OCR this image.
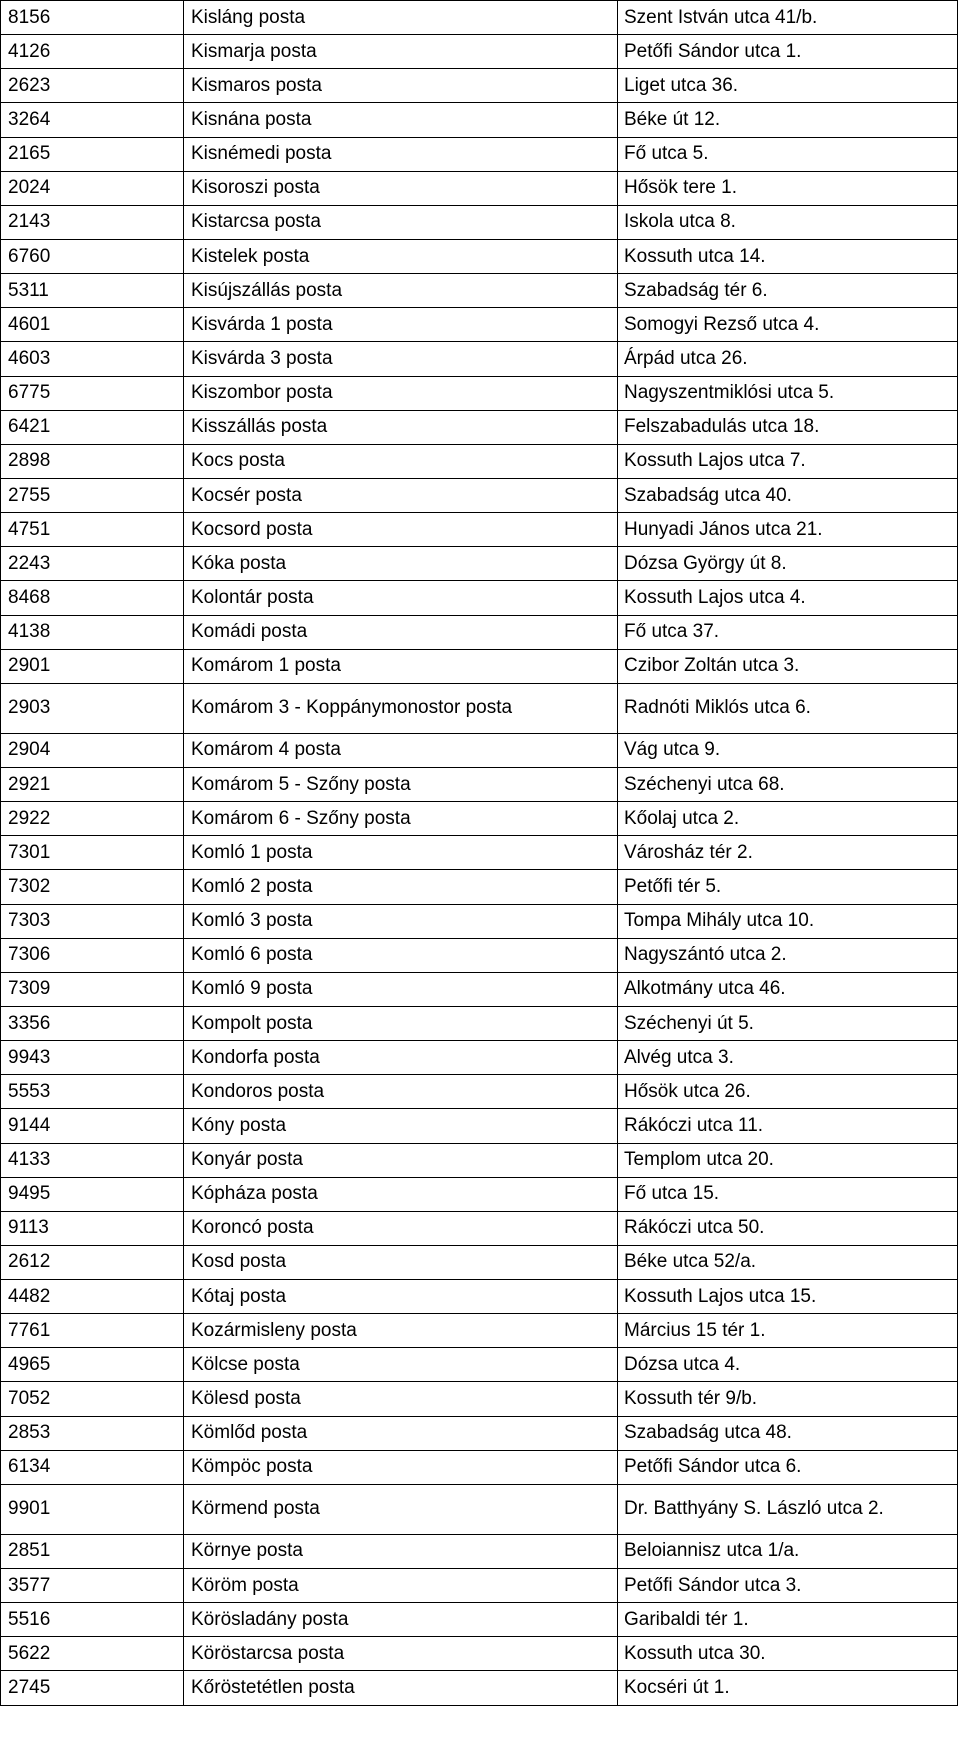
8156	Kisláng posta	Szent István utca 41/b.
4126	Kismarja posta	Petőfi Sándor utca 1.
2623	Kismaros posta	Liget utca 36.
3264	Kisnána posta	Béke út 12.
2165	Kisnémedi posta	Fő utca 5.
2024	Kisoroszi posta	Hősök tere 1.
2143	Kistarcsa posta	Iskola utca 8.
6760	Kistelek posta	Kossuth utca 14.
5311	Kisújszállás posta	Szabadság tér 6.
4601	Kisvárda 1 posta	Somogyi Rezső utca 4.
4603	Kisvárda 3 posta	Árpád utca 26.
6775	Kiszombor posta	Nagyszentmiklósi utca 5.
6421	Kisszállás posta	Felszabadulás utca 18.
2898	Kocs posta	Kossuth Lajos utca 7.
2755	Kocsér posta	Szabadság utca 40.
4751	Kocsord posta	Hunyadi János utca 21.
2243	Kóka posta	Dózsa György út 8.
8468	Kolontár posta	Kossuth Lajos utca 4.
4138	Komádi posta	Fő utca 37.
2901	Komárom 1 posta	Czibor Zoltán utca 3.
2903	Komárom 3 - Koppánymonostor posta	Radnóti Miklós utca 6.
2904	Komárom 4 posta	Vág utca 9.
2921	Komárom 5 - Szőny posta	Széchenyi utca 68.
2922	Komárom 6 - Szőny posta	Kőolaj utca 2.
7301	Komló 1 posta	Városház tér 2.
7302	Komló 2 posta	Petőfi tér 5.
7303	Komló 3 posta	Tompa Mihály utca 10.
7306	Komló 6 posta	Nagyszántó utca 2.
7309	Komló 9 posta	Alkotmány utca 46.
3356	Kompolt posta	Széchenyi út 5.
9943	Kondorfa posta	Alvég utca 3.
5553	Kondoros posta	Hősök utca 26.
9144	Kóny posta	Rákóczi utca 11.
4133	Konyár posta	Templom utca 20.
9495	Kópháza posta	Fő utca 15.
9113	Koroncó posta	Rákóczi utca 50.
2612	Kosd posta	Béke utca 52/a.
4482	Kótaj posta	Kossuth Lajos utca 15.
7761	Kozármisleny posta	Március 15 tér 1.
4965	Kölcse posta	Dózsa utca 4.
7052	Kölesd posta	Kossuth tér 9/b.
2853	Kömlőd posta	Szabadság utca 48.
6134	Kömpöc posta	Petőfi Sándor utca 6.
9901	Körmend posta	Dr. Batthyány S. László utca 2.
2851	Környe posta	Beloiannisz utca 1/a.
3577	Köröm posta	Petőfi Sándor utca 3.
5516	Körösladány posta	Garibaldi tér 1.
5622	Köröstarcsa posta	Kossuth utca 30.
2745	Kőröstetétlen posta	Kocséri út 1.
